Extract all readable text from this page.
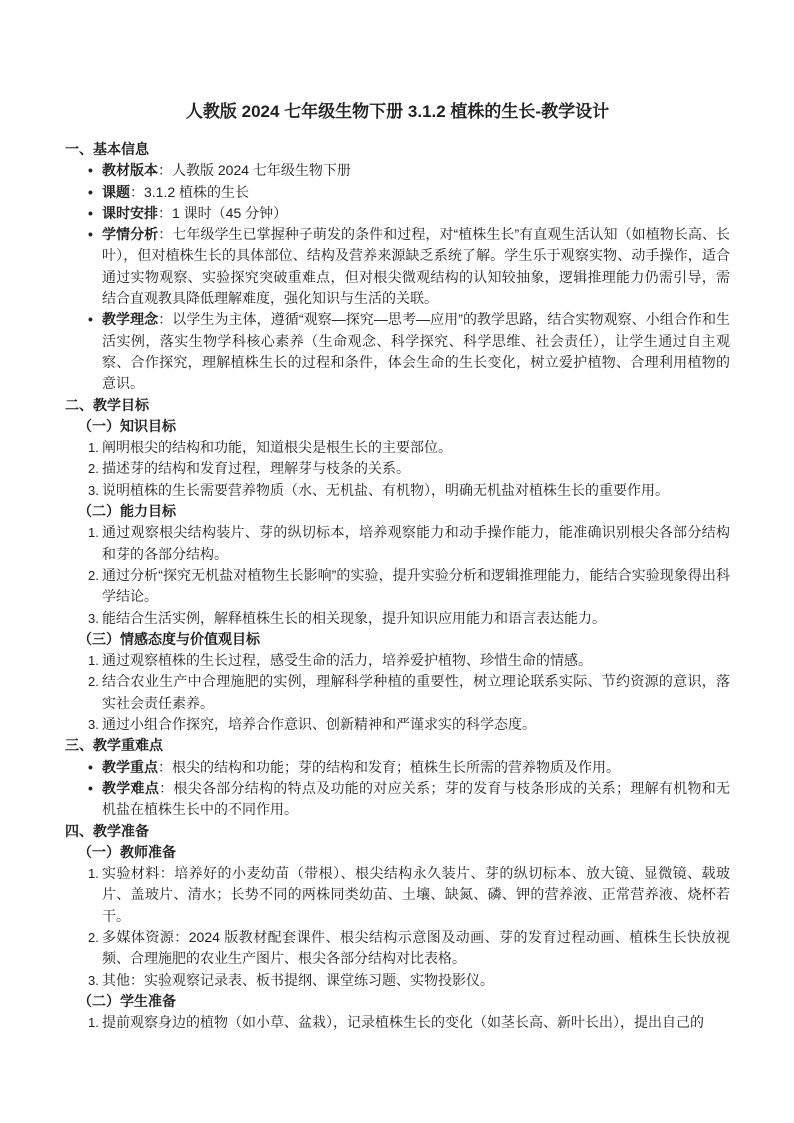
人教版 2024 七年级生物下册 3.1.2 植株的生长-教学设计
一、基本信息
• 教材版本：人教版 2024 七年级生物下册

• 课题：3.1.2 植株的生长

• 课时安排：1 课时（45 分钟）

• 学情分析：七年级学生已掌握种子萌发的条件和过程，对“植株生长”有直观生活认知（如植物长高、长叶），但对植株生长的具体部位、结构及营养来源缺乏系统了解。学生乐于观察实物、动手操作，适合通过实物观察、实验探究突破重难点，但对根尖微观结构的认知较抽象，逻辑推理能力仍需引导，需结合直观教具降低理解难度，强化知识与生活的关联。

• 教学理念：以学生为主体，遵循“观察—探究—思考—应用”的教学思路，结合实物观察、小组合作和生活实例，落实生物学科核心素养（生命观念、科学探究、科学思维、社会责任），让学生通过自主观察、合作探究，理解植株生长的过程和条件，体会生命的生长变化，树立爱护植物、合理利用植物的意识。

二、教学目标
（一）知识目标
1. 阐明根尖的结构和功能，知道根尖是根生长的主要部位。

2. 描述芽的结构和发育过程，理解芽与枝条的关系。

3. 说明植株的生长需要营养物质（水、无机盐、有机物），明确无机盐对植株生长的重要作用。

（二）能力目标
1. 通过观察根尖结构装片、芽的纵切标本，培养观察能力和动手操作能力，能准确识别根尖各部分结构和芽的各部分结构。

2. 通过分析“探究无机盐对植物生长影响”的实验，提升实验分析和逻辑推理能力，能结合实验现象得出科学结论。

3. 能结合生活实例，解释植株生长的相关现象，提升知识应用能力和语言表达能力。

（三）情感态度与价值观目标
1. 通过观察植株的生长过程，感受生命的活力，培养爱护植物、珍惜生命的情感。

2. 结合农业生产中合理施肥的实例，理解科学种植的重要性，树立理论联系实际、节约资源的意识，落实社会责任素养。

3. 通过小组合作探究，培养合作意识、创新精神和严谨求实的科学态度。

三、教学重难点
• 教学重点：根尖的结构和功能；芽的结构和发育；植株生长所需的营养物质及作用。

• 教学难点：根尖各部分结构的特点及功能的对应关系；芽的发育与枝条形成的关系；理解有机物和无机盐在植株生长中的不同作用。

四、教学准备
（一）教师准备
1. 实验材料：培养好的小麦幼苗（带根）、根尖结构永久装片、芽的纵切标本、放大镜、显微镜、载玻片、盖玻片、清水；长势不同的两株同类幼苗、土壤、缺氮、磷、钾的营养液、正常营养液、烧杯若干。

2. 多媒体资源：2024 版教材配套课件、根尖结构示意图及动画、芽的发育过程动画、植株生长快放视频、合理施肥的农业生产图片、根尖各部分结构对比表格。

3. 其他：实验观察记录表、板书提纲、课堂练习题、实物投影仪。

（二）学生准备
1. 提前观察身边的植物（如小草、盆栽），记录植株生长的变化（如茎长高、新叶长出），提出自己的
